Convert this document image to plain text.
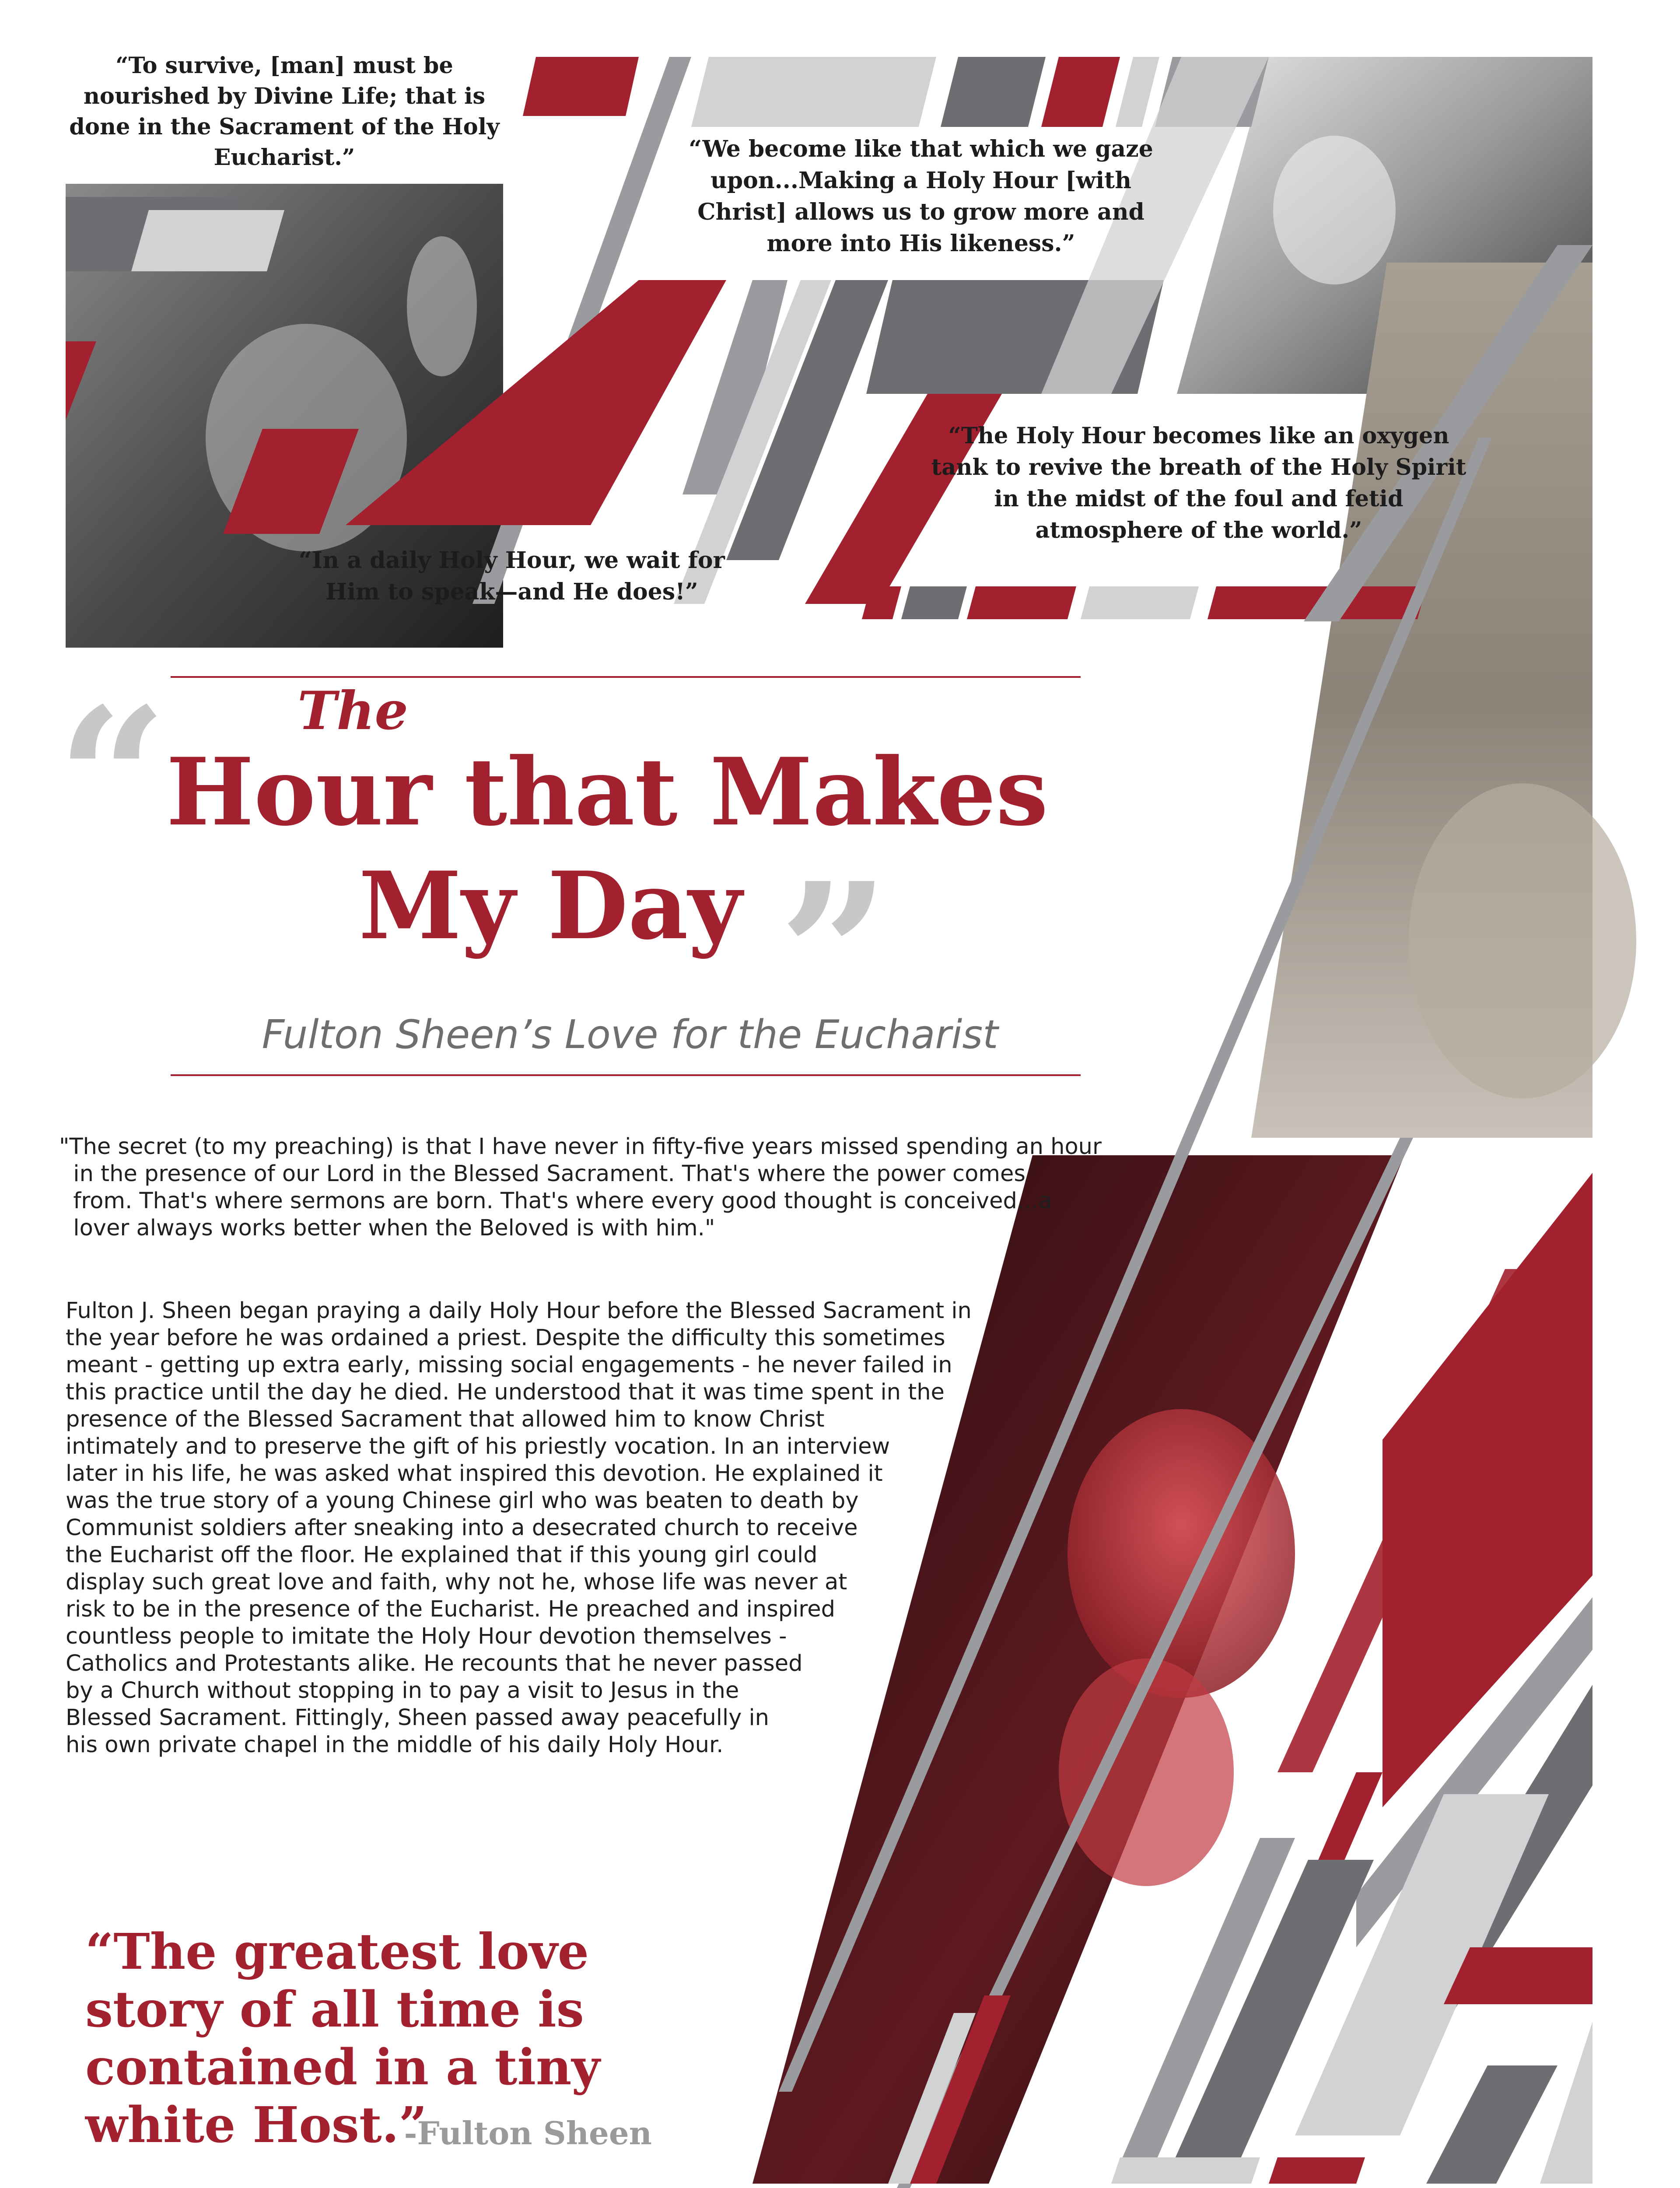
“To survive, [man] must be nourished by Divine Life; that is done in the Sacrament of the Holy Eucharist.”	“We become like that which we gaze upon...Making a Holy Hour [with Christ] allows us to grow more and more into His likeness.”
“The Holy Hour becomes like an oxygen tank to revive the breath of the Holy Spirit in the midst of the foul and fetid atmosphere of the world.”
“In a daily Holy Hour, we wait for Him to speak—and He does!”
“
”
The
Hour that Makes
My Day
Fulton Sheen’s Love for the Eucharist
"The secret (to my preaching) is that I have never in fifty-five years missed spending an hour
in the presence of our Lord in the Blessed Sacrament. That's where the power comes
from. That's where sermons are born. That's where every good thought is conceived...a
lover always works better when the Beloved is with him."
Fulton J. Sheen began praying a daily Holy Hour before the Blessed Sacrament in
the year before he was ordained a priest. Despite the difficulty this sometimes
meant - getting up extra early, missing social engagements - he never failed in
this practice until the day he died. He understood that it was time spent in the
presence of the Blessed Sacrament that allowed him to know Christ
intimately and to preserve the gift of his priestly vocation. In an interview
later in his life, he was asked what inspired this devotion. He explained it
was the true story of a young Chinese girl who was beaten to death by
Communist soldiers after sneaking into a desecrated church to receive
the Eucharist off the floor. He explained that if this young girl could
display such great love and faith, why not he, whose life was never at
risk to be in the presence of the Eucharist. He preached and inspired
countless people to imitate the Holy Hour devotion themselves -
Catholics and Protestants alike. He recounts that he never passed
by a Church without stopping in to pay a visit to Jesus in the
Blessed Sacrament. Fittingly, Sheen passed away peacefully in
his own private chapel in the middle of his daily Holy Hour.
“The greatest love story of all time is contained in a tiny white Host.”
-Fulton Sheen
